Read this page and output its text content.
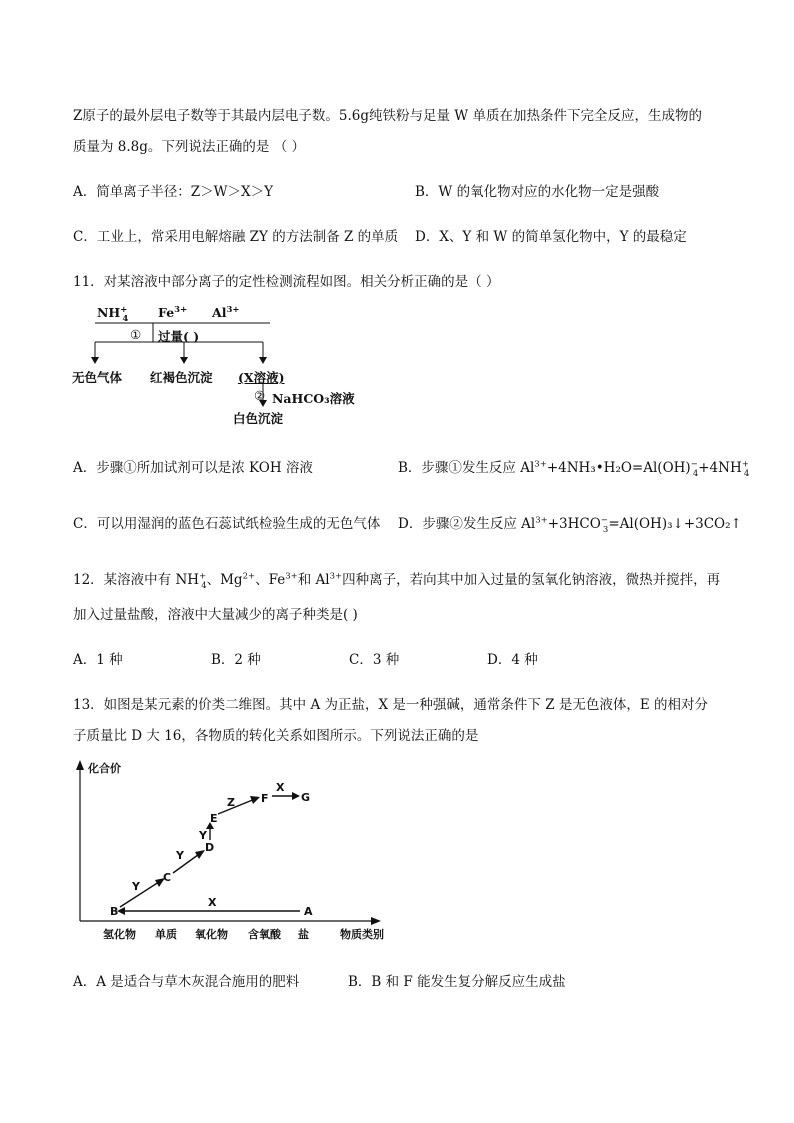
Z原子的最外层电子数等于其最内层电子数。5.6g纯铁粉与足量 W 单质在加热条件下完全反应，生成物的
质量为 8.8g。下列说法正确的是 （ ）
A．简单离子半径：Z＞W＞X＞Y	B．W 的氧化物对应的水化物一定是强酸
C．工业上，常采用电解熔融 ZY 的方法制备 Z 的单质 D．X、Y 和 W 的简单氢化物中，Y 的最稳定
11．对某溶液中部分离子的定性检测流程如图。相关分析正确的是（ ）
$NH^+_4$ $Fe^{3+}$ $Al^{3+}$
① 过量( )
无色气体 红褐色沉淀 (X溶液)
② NaHCO₃溶液
白色沉淀
A．步骤①所加试剂可以是浓 KOH 溶液	B．步骤①发生反应 $Al^{3+}+4NH_3•H_2O=Al(OH)^-_4+4NH^+_4$
C．可以用湿润的蓝色石蕊试纸检验生成的无色气体 D．步骤②发生反应 $Al^{3+}+3HCO^-_3=Al(OH)_3↓+3CO_2↑$
12．某溶液中有 $NH^+_4$、$Mg^{2+}$、$Fe^{3+}$和 $Al^{3+}$四种离子，若向其中加入过量的氢氧化钠溶液，微热并搅拌，再
加入过量盐酸，溶液中大量减少的离子种类是( )
A．1 种	B．2 种	C．3 种	D．4 种
13．如图是某元素的价类二维图。其中 A 为正盐，X 是一种强碱，通常条件下 Z 是无色液体，E 的相对分
子质量比 D 大 16，各物质的转化关系如图所示。下列说法正确的是
化合价
物质类别
氢化物 单质 氧化物 含氧酸 盐
X
Y
Y
Y
Z
X
A
B
C
D
E
F	G
A．A 是适合与草木灰混合施用的肥料	B．B 和 F 能发生复分解反应生成盐
